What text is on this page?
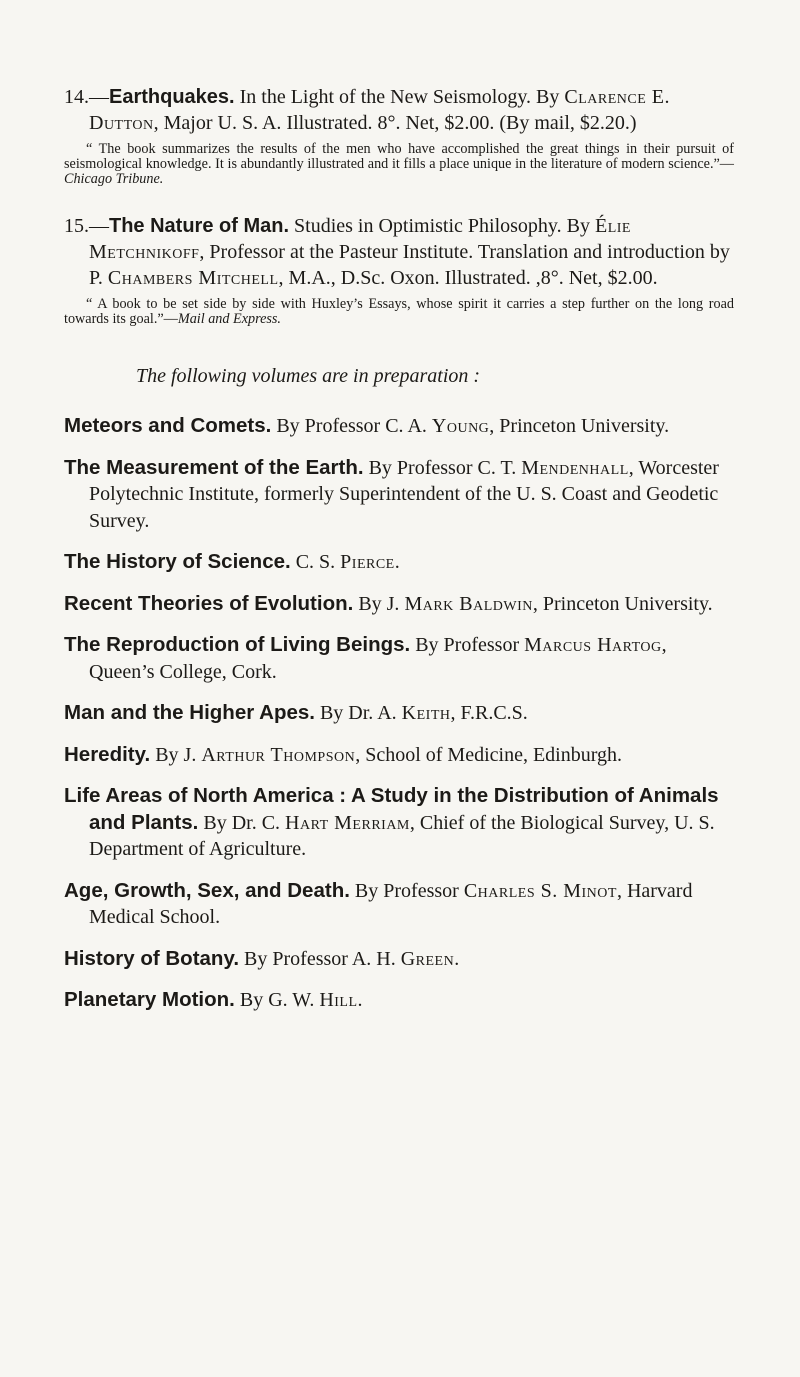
14.—Earthquakes. In the Light of the New Seismology. By Clarence E. Dutton, Major U. S. A. Illustrated. 8°. Net, $2.00. (By mail, $2.20.)
“ The book summarizes the results of the men who have accomplished the great things in their pursuit of seismological knowledge. It is abundantly illustrated and it fills a place unique in the literature of modern science.”—Chicago Tribune.
15.—The Nature of Man. Studies in Optimistic Philosophy. By Élie Metchnikoff, Professor at the Pasteur Institute. Translation and introduction by P. Chambers Mitchell, M.A., D.Sc. Oxon. Illustrated. ,8°. Net, $2.00.
“ A book to be set side by side with Huxley’s Essays, whose spirit it carries a step further on the long road towards its goal.”—Mail and Express.
The following volumes are in preparation :
Meteors and Comets. By Professor C. A. Young, Princeton University.
The Measurement of the Earth. By Professor C. T. Mendenhall, Worcester Polytechnic Institute, formerly Superintendent of the U. S. Coast and Geodetic Survey.
The History of Science. C. S. Pierce.
Recent Theories of Evolution. By J. Mark Baldwin, Princeton University.
The Reproduction of Living Beings. By Professor Marcus Hartog, Queen’s College, Cork.
Man and the Higher Apes. By Dr. A. Keith, F.R.C.S.
Heredity. By J. Arthur Thompson, School of Medicine, Edinburgh.
Life Areas of North America : A Study in the Distribution of Animals and Plants. By Dr. C. Hart Merriam, Chief of the Biological Survey, U. S. Department of Agriculture.
Age, Growth, Sex, and Death. By Professor Charles S. Minot, Harvard Medical School.
History of Botany. By Professor A. H. Green.
Planetary Motion. By G. W. Hill.
